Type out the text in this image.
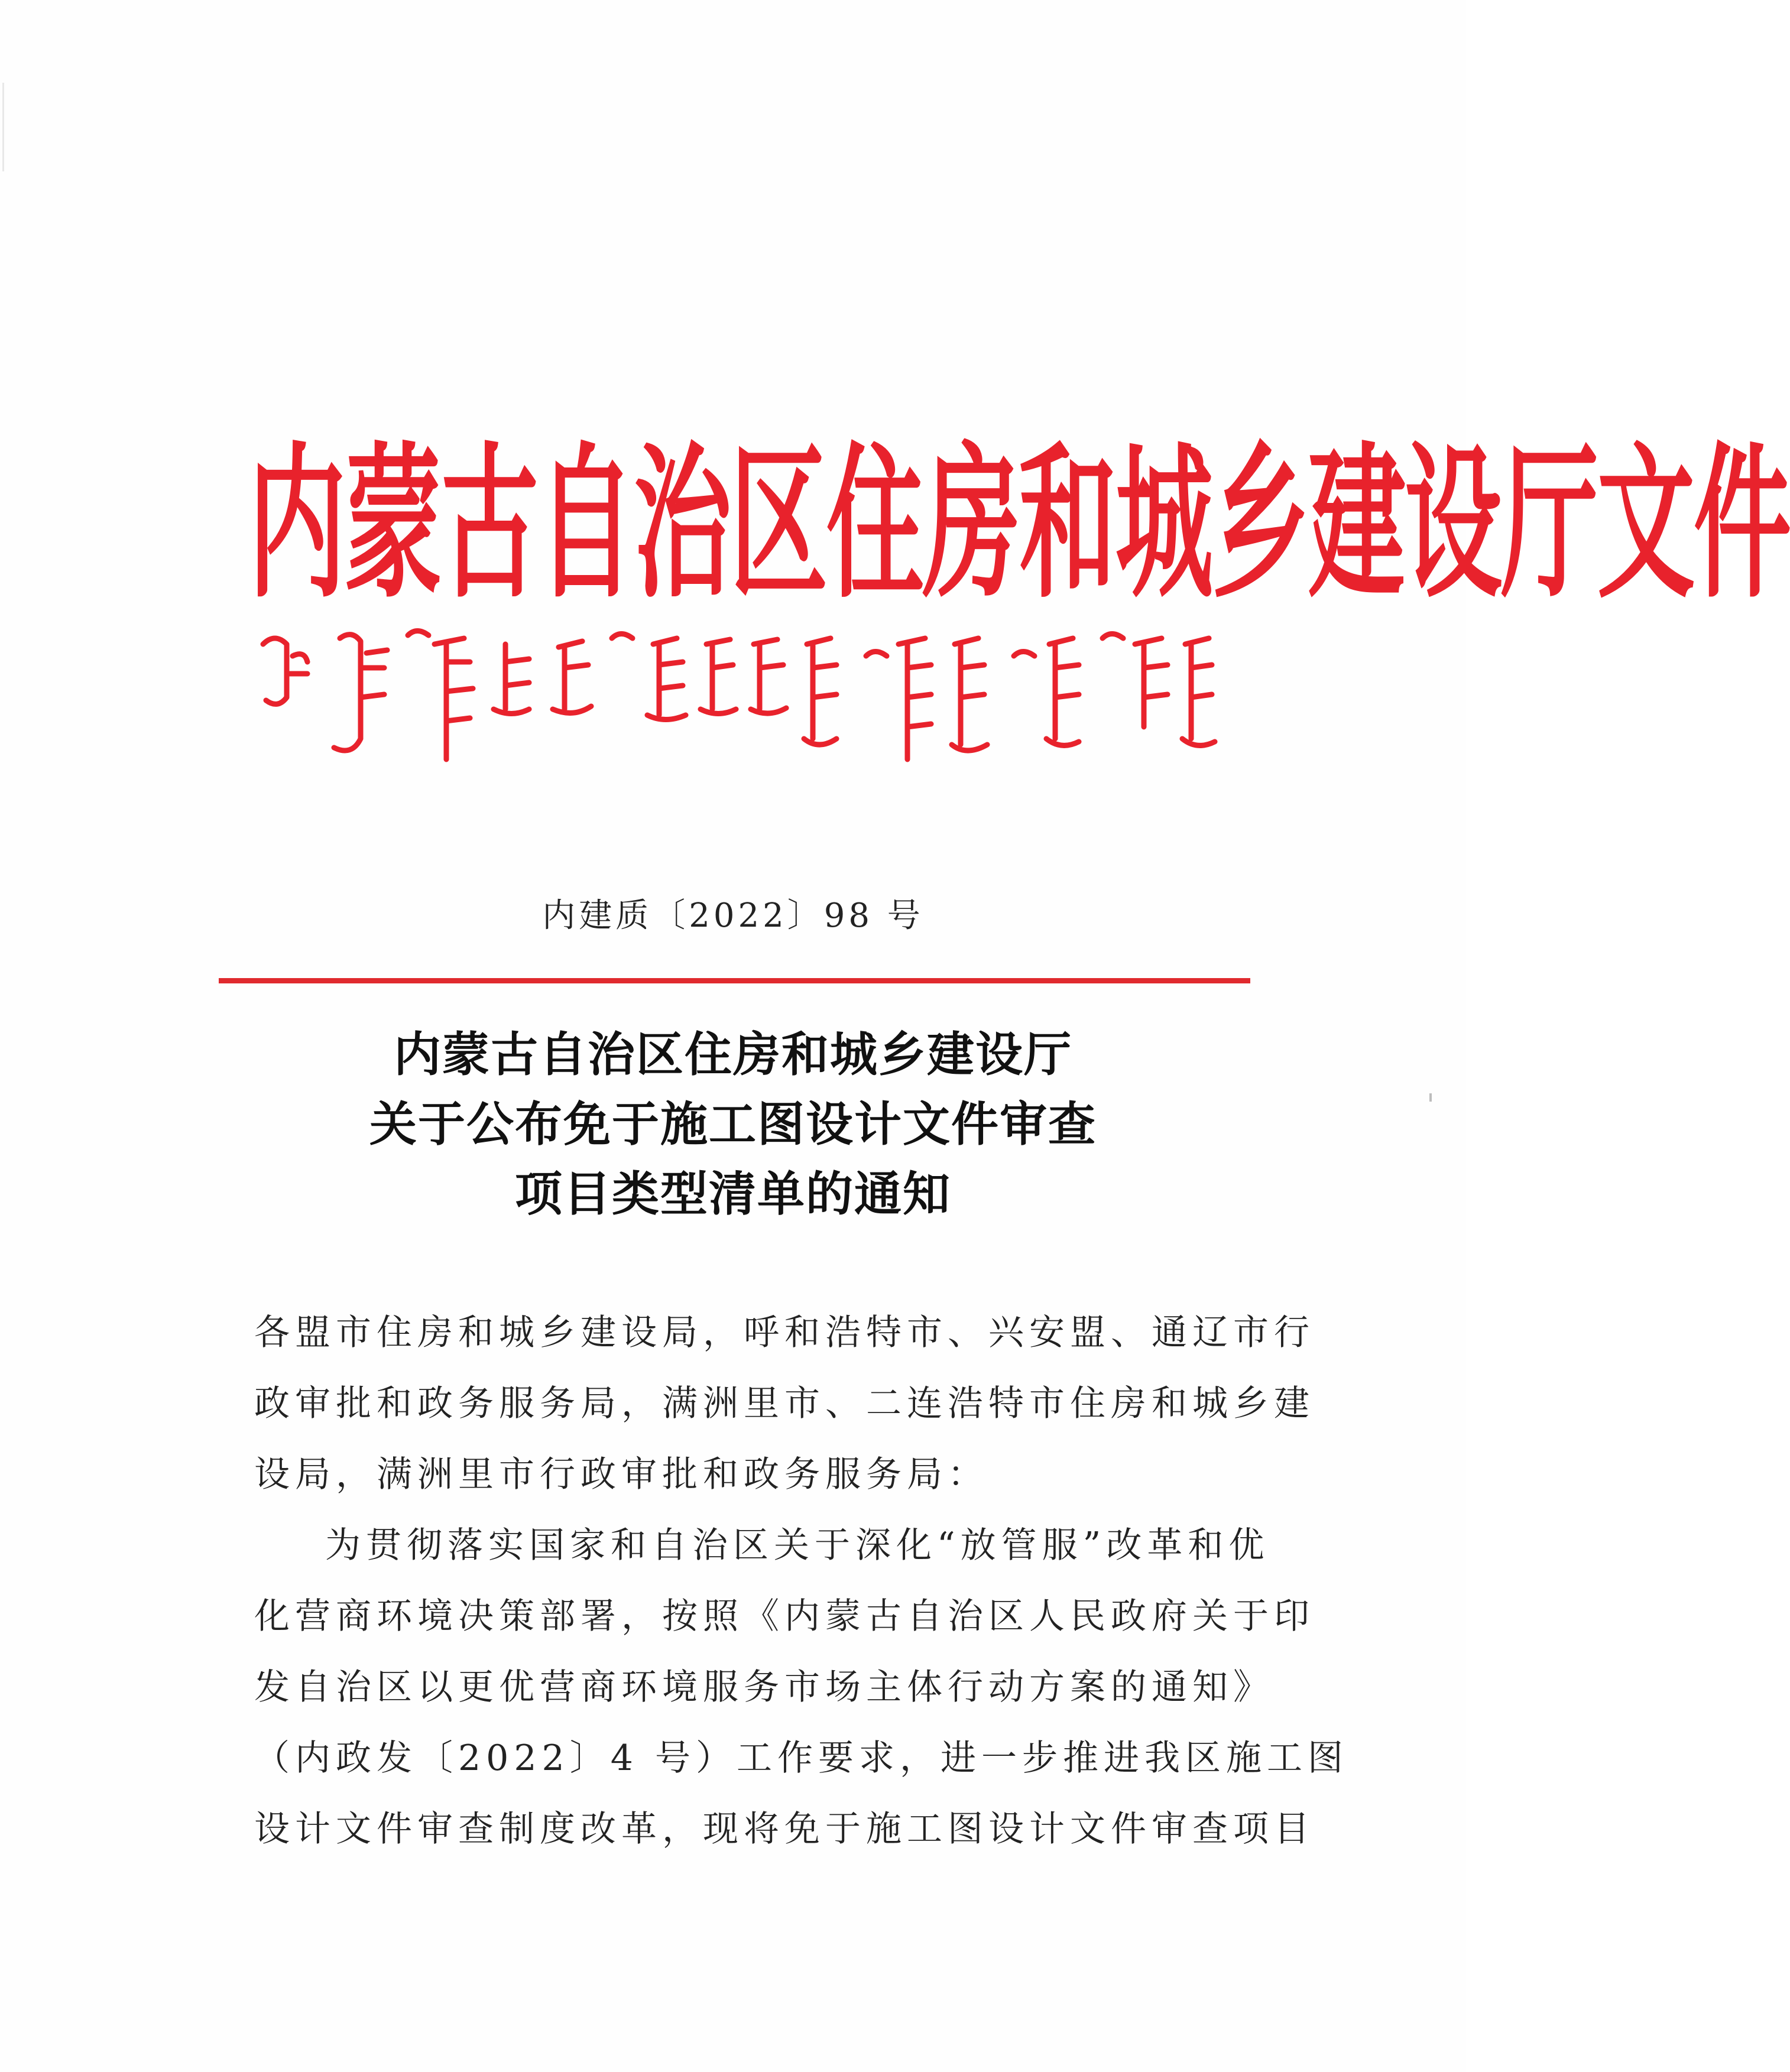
内蒙古自治区住房和城乡建设厅文件
内建质〔2022〕98 号
内蒙古自治区住房和城乡建设厅
关于公布免于施工图设计文件审查
项目类型清单的通知

各盟市住房和城乡建设局，呼和浩特市、兴安盟、通辽市行
政审批和政务服务局，满洲里市、二连浩特市住房和城乡建
设局，满洲里市行政审批和政务服务局：

为贯彻落实国家和自治区关于深化“放管服”改革和优
化营商环境决策部署，按照《内蒙古自治区人民政府关于印
发自治区以更优营商环境服务市场主体行动方案的通知》
（内政发〔2022〕4 号）工作要求，进一步推进我区施工图
设计文件审查制度改革，现将免于施工图设计文件审查项目
